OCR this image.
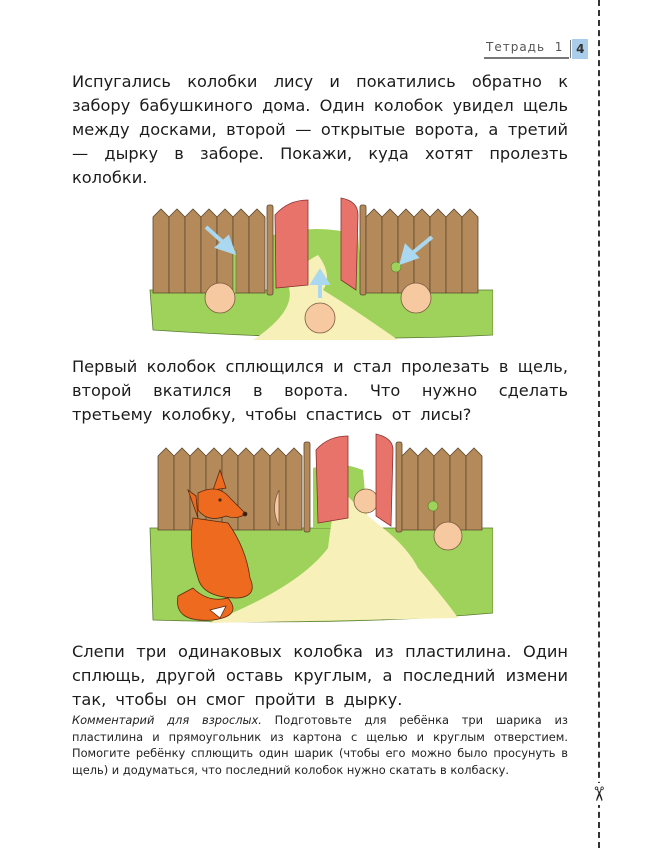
✂
Тетрадь 1	4
Испугались колобки лису и покатились обратно к забору бабушкиного дома. Один колобок увидел щель между досками, второй — открытые ворота, а третий — дырку в заборе. Покажи, куда хотят пролезть колобки.
Первый колобок сплющился и стал пролезать в щель, второй вкатился в ворота. Что нужно сделать третьему колобку, чтобы спастись от лисы?
Слепи три одинаковых колобка из пластилина. Один сплющь, другой оставь круглым, а последний измени так, чтобы он смог пройти в дырку.
Комментарий для взрослых. Подготовьте для ребёнка три шарика из пластилина и прямоугольник из картона с щелью и круглым отверстием. Помогите ребёнку сплющить один шарик (чтобы его можно было просунуть в щель) и додуматься, что последний колобок нужно скатать в колбаску.
